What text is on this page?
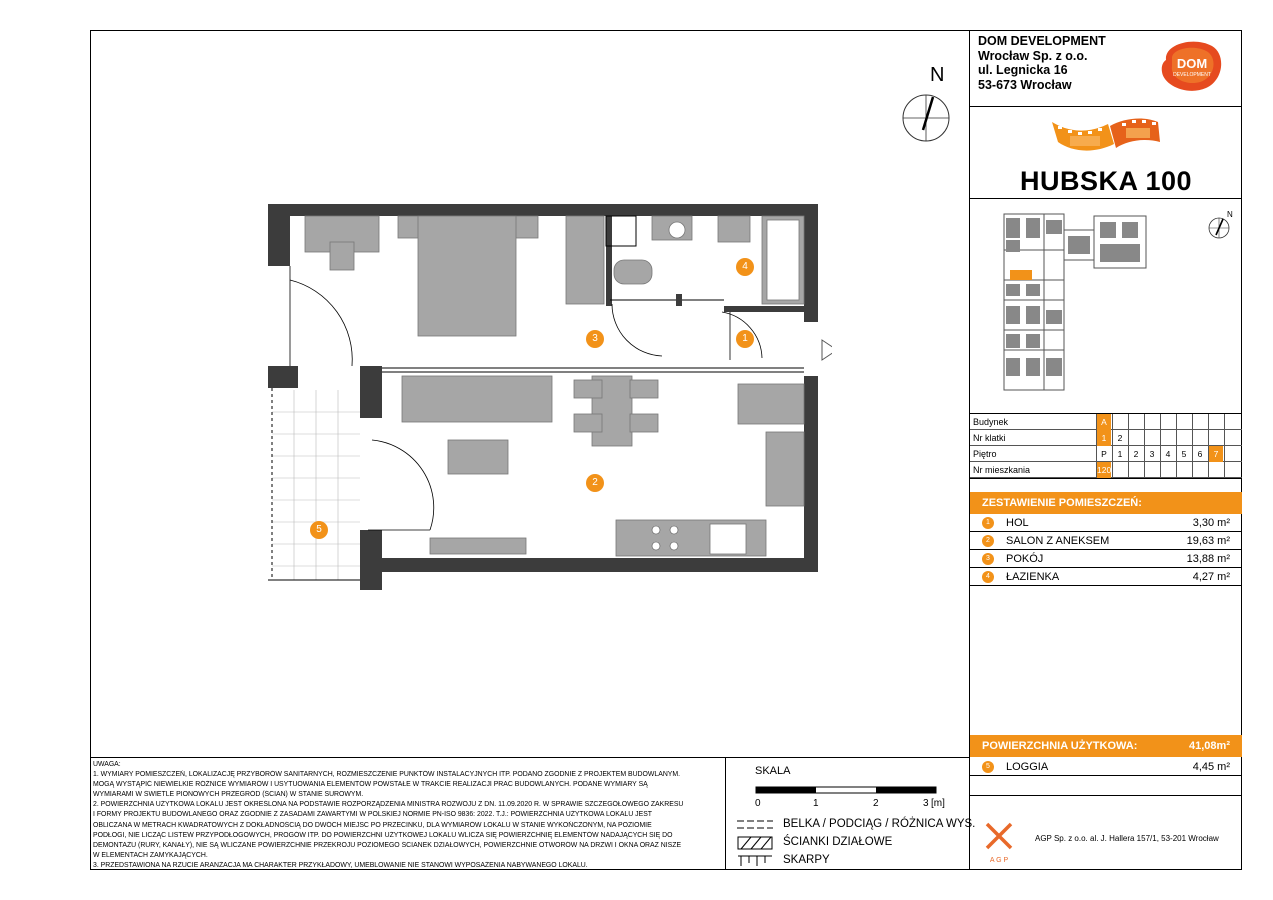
DOM DEVELOPMENT
Wrocław Sp. z o.o.
ul. Legnicka 16
53-673 Wrocław
DOM
DEVELOPMENT
HUBSKA 100
N
Budynek	A
Nr klatki	1	2
Piętro	P	1	2	3	4	5	6	7
Nr mieszkania	120
ZESTAWIENIE POMIESZCZEŃ:
1	HOL	3,30 m²
2	SALON Z ANEKSEM	19,63 m²
3	POKÓJ	13,88 m²
4	ŁAZIENKA	4,27 m²
POWIERZCHNIA UŻYTKOWA:	41,08m²
5	LOGGIA	4,45 m²
A G P
AGP Sp. z o.o. al. J. Hallera 157/1, 53-201 Wrocław
UWAGA:
1. WYMIARY POMIESZCZEŃ, LOKALIZACJĘ PRZYBORÓW SANITARNYCH, ROZMIESZCZENIE PUNKTÓW INSTALACYJNYCH ITP. PODANO ZGODNIE Z PROJEKTEM BUDOWLANYM.
MOGĄ WYSTĄPIĆ NIEWIELKIE RÓŻNICE WYMIARÓW I USYTUOWANIA ELEMENTÓW POWSTAŁE W TRAKCIE REALIZACJI PRAC BUDOWLANYCH. PODANE WYMIARY SĄ
WYMIARAMI W ŚWIETLE PIONOWYCH PRZEGRÓD (ŚCIAN) W STANIE SUROWYM.
2. POWIERZCHNIA UŻYTKOWA LOKALU JEST OKREŚLONA NA PODSTAWIE ROZPORZĄDZENIA MINISTRA ROZWOJU Z DN. 11.09.2020 R. W SPRAWIE SZCZEGÓŁOWEGO ZAKRESU
I FORMY PROJEKTU BUDOWLANEGO ORAZ ZGODNIE Z ZASADAMI ZAWARTYMI W POLSKIEJ NORMIE PN-ISO 9836: 2022. T.J.: POWIERZCHNIA UŻYTKOWA LOKALU JEST
OBLICZANA W METRACH KWADRATOWYCH Z DOKŁADNOŚCIĄ DO DWÓCH MIEJSC PO PRZECINKU, DLA WYMIARÓW LOKALU W STANIE WYKOŃCZONYM, NA POZIOMIE
PODŁOGI, NIE LICZĄC LISTEW PRZYPODŁOGOWYCH, PROGÓW ITP. DO POWIERZCHNI UŻYTKOWEJ LOKALU WLICZA SIĘ POWIERZCHNIĘ ELEMENTÓW NADAJĄCYCH SIĘ DO
DEMONTAŻU (RURY, KANAŁY), NIE SĄ WLICZANE POWIERZCHNIE PRZEKROJU POZIOMEGO ŚCIANEK DZIAŁOWYCH, POWIERZCHNIE OTWORÓW NA DRZWI I OKNA ORAZ NISZE
W ELEMENTACH ZAMYKAJĄCYCH.
3. PRZEDSTAWIONA NA RZUCIE ARANŻACJA MA CHARAKTER PRZYKŁADOWY, UMEBLOWANIE NIE STANOWI WYPOSAŻENIA NABYWANEGO LOKALU.
SKALA
0	1	2	3 [m]
BELKA / PODCIĄG / RÓŻNICA WYS.
ŚCIANKI DZIAŁOWE
SKARPY
N
4
3	1
2
5
